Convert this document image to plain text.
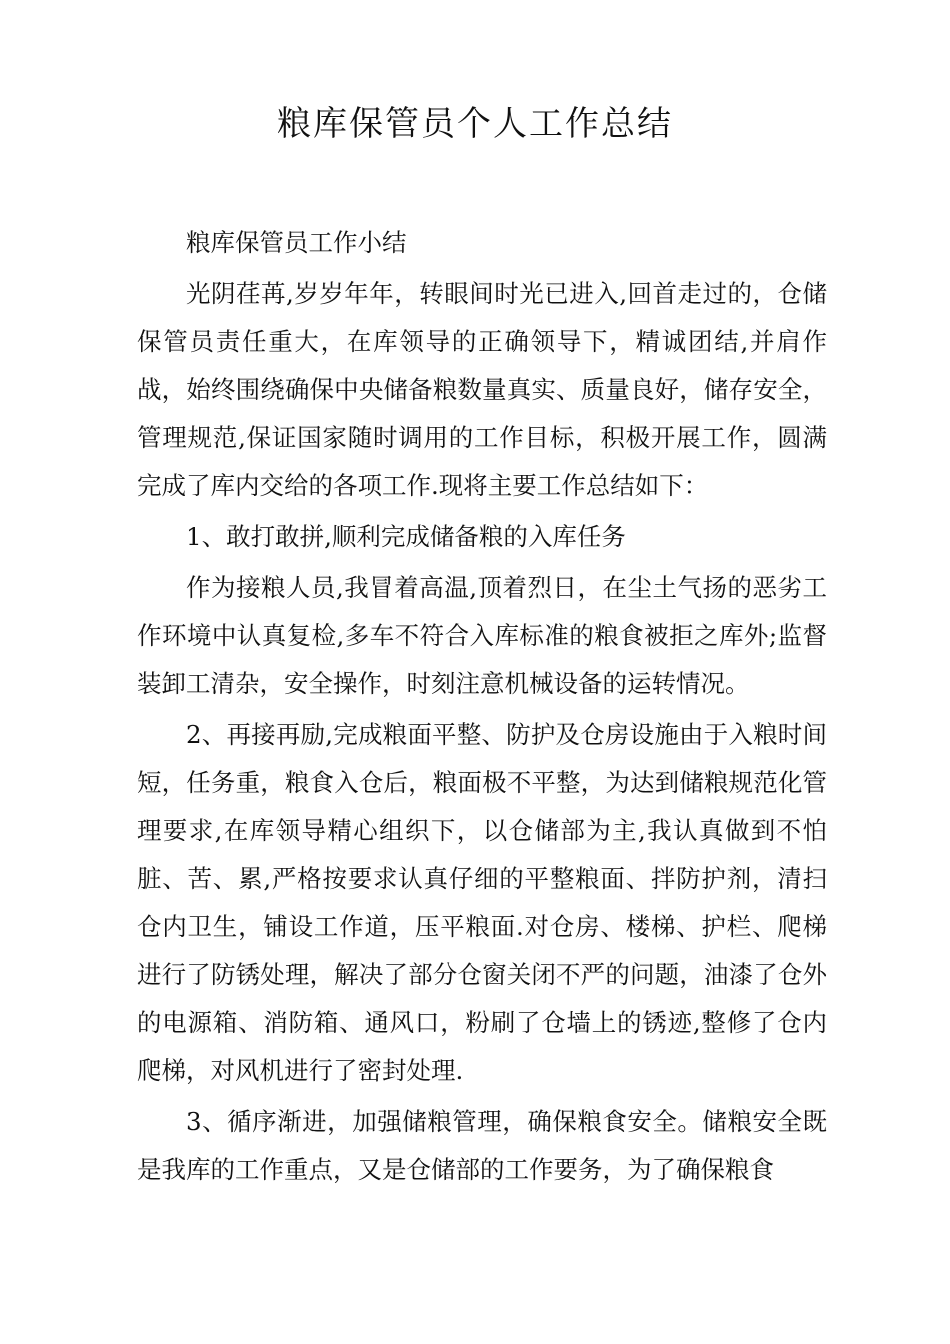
粮库保管员个人工作总结

粮库保管员工作小结

光阴荏苒,岁岁年年，转眼间时光已进入,回首走过的，仓储保管员责任重大，在库领导的正确领导下，精诚团结,并肩作战，始终围绕确保中央储备粮数量真实、质量良好，储存安全，管理规范,保证国家随时调用的工作目标，积极开展工作，圆满完成了库内交给的各项工作.现将主要工作总结如下：

1、敢打敢拼,顺利完成储备粮的入库任务

作为接粮人员,我冒着高温,顶着烈日，在尘土气扬的恶劣工作环境中认真复检,多车不符合入库标准的粮食被拒之库外;监督装卸工清杂，安全操作，时刻注意机械设备的运转情况。

2、再接再励,完成粮面平整、防护及仓房设施由于入粮时间短，任务重，粮食入仓后，粮面极不平整，为达到储粮规范化管理要求,在库领导精心组织下，以仓储部为主,我认真做到不怕脏、苦、累,严格按要求认真仔细的平整粮面、拌防护剂，清扫仓内卫生，铺设工作道，压平粮面.对仓房、楼梯、护栏、爬梯进行了防锈处理，解决了部分仓窗关闭不严的问题，油漆了仓外的电源箱、消防箱、通风口，粉刷了仓墙上的锈迹,整修了仓内爬梯，对风机进行了密封处理.

3、循序渐进，加强储粮管理，确保粮食安全。储粮安全既是我库的工作重点，又是仓储部的工作要务，为了确保粮食
